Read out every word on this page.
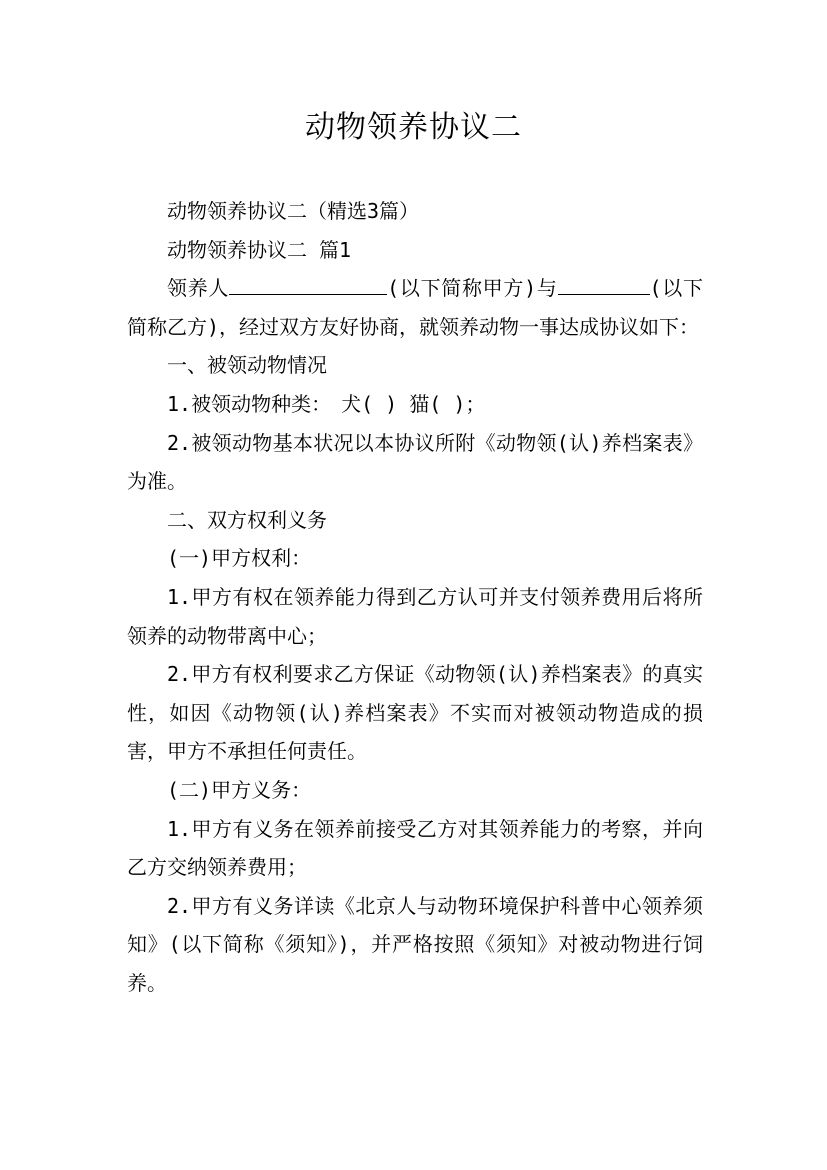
动物领养协议二

动物领养协议二（精选3篇）

动物领养协议二 篇1

领养人	(以下简称甲方)与	(以下简称乙方)，经过双方友好协商，就领养动物一事达成协议如下：

一、被领动物情况

1.被领动物种类：　犬( ) 猫( )；

2.被领动物基本状况以本协议所附《动物领(认)养档案表》为准。

二、双方权利义务

(一)甲方权利：

1.甲方有权在领养能力得到乙方认可并支付领养费用后将所领养的动物带离中心；

2.甲方有权利要求乙方保证《动物领(认)养档案表》的真实性，如因《动物领(认)养档案表》不实而对被领动物造成的损害，甲方不承担任何责任。

(二)甲方义务：

1.甲方有义务在领养前接受乙方对其领养能力的考察，并向乙方交纳领养费用；

2.甲方有义务详读《北京人与动物环境保护科普中心领养须知》(以下简称《须知》)，并严格按照《须知》对被动物进行饲养。
